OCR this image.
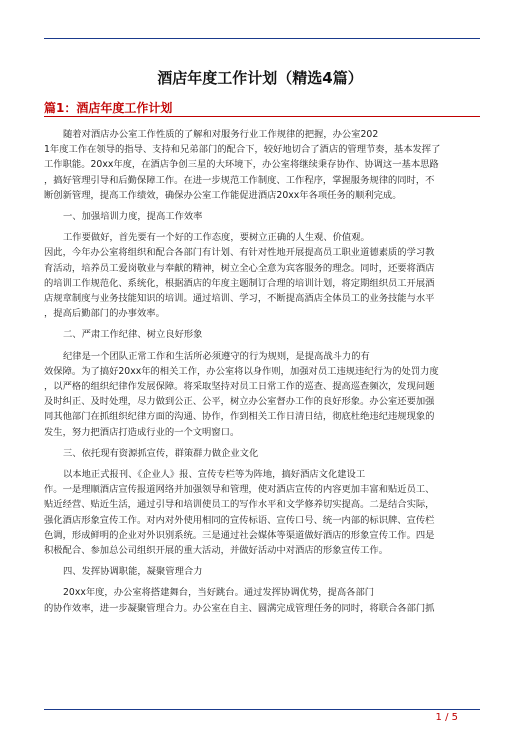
酒店年度工作计划（精选4篇）
篇1：酒店年度工作计划

随着对酒店办公室工作性质的了解和对服务行业工作规律的把握，办公室202

1年度工作在领导的指导、支持和兄弟部门的配合下，较好地切合了酒店的管理节奏，基本发挥了

工作职能。20xx年度，在酒店争创三星的大环境下，办公室将继续秉存协作、协调这一基本思路

，搞好管理引导和后勤保障工作。在进一步规范工作制度、工作程序，掌握服务规律的同时，不

断创新管理，提高工作绩效，确保办公室工作能促进酒店20xx年各项任务的顺利完成。

一、加强培训力度，提高工作效率

工作要做好，首先要有一个好的工作态度，要树立正确的人生观、价值观。

因此，今年办公室将组织和配合各部门有计划、有针对性地开展提高员工职业道德素质的学习教

育活动，培养员工爱岗敬业与奉献的精神，树立全心全意为宾客服务的理念。同时，还要将酒店

的培训工作规范化、系统化，根据酒店的年度主题制订合理的培训计划，将定期组织员工开展酒

店规章制度与业务技能知识的培训。通过培训、学习，不断提高酒店全体员工的业务技能与水平

，提高后勤部门的办事效率。

二、严肃工作纪律、树立良好形象

纪律是一个团队正常工作和生活所必须遵守的行为规则，是提高战斗力的有

效保障。为了搞好20xx年的相关工作，办公室将以身作则，加强对员工违规违纪行为的处罚力度

，以严格的组织纪律作发展保障。将采取坚持对员工日常工作的巡查、提高巡查频次，发现问题

及时纠正、及时处理，尽力做到公正、公平，树立办公室督办工作的良好形象。办公室还要加强

同其他部门在抓组织纪律方面的沟通、协作，作到相关工作日清日结，彻底杜绝违纪违规现象的

发生，努力把酒店打造成行业的一个文明窗口。

三、依托现有资源抓宣传，群策群力做企业文化

以本地正式报刊、《企业人》报、宣传专栏等为阵地，搞好酒店文化建设工

作。一是理顺酒店宣传报道网络并加强领导和管理，使对酒店宣传的内容更加丰富和贴近员工、

贴近经营、贴近生活，通过引导和培训使员工的写作水平和文学修养切实提高。二是结合实际，

强化酒店形象宣传工作。对内对外使用相同的宣传标语、宣传口号、统一内部的标识牌、宣传栏

色调，形成鲜明的企业对外识别系统。三是通过社会媒体等渠道做好酒店的形象宣传工作。四是

积极配合、参加总公司组织开展的重大活动，并做好活动中对酒店的形象宣传工作。

四、发挥协调职能，凝聚管理合力

20xx年度，办公室将搭建舞台，当好跳台。通过发挥协调优势，提高各部门

的协作效率，进一步凝聚管理合力。办公室在自主、圆满完成管理任务的同时，将联合各部门抓

1 / 5
